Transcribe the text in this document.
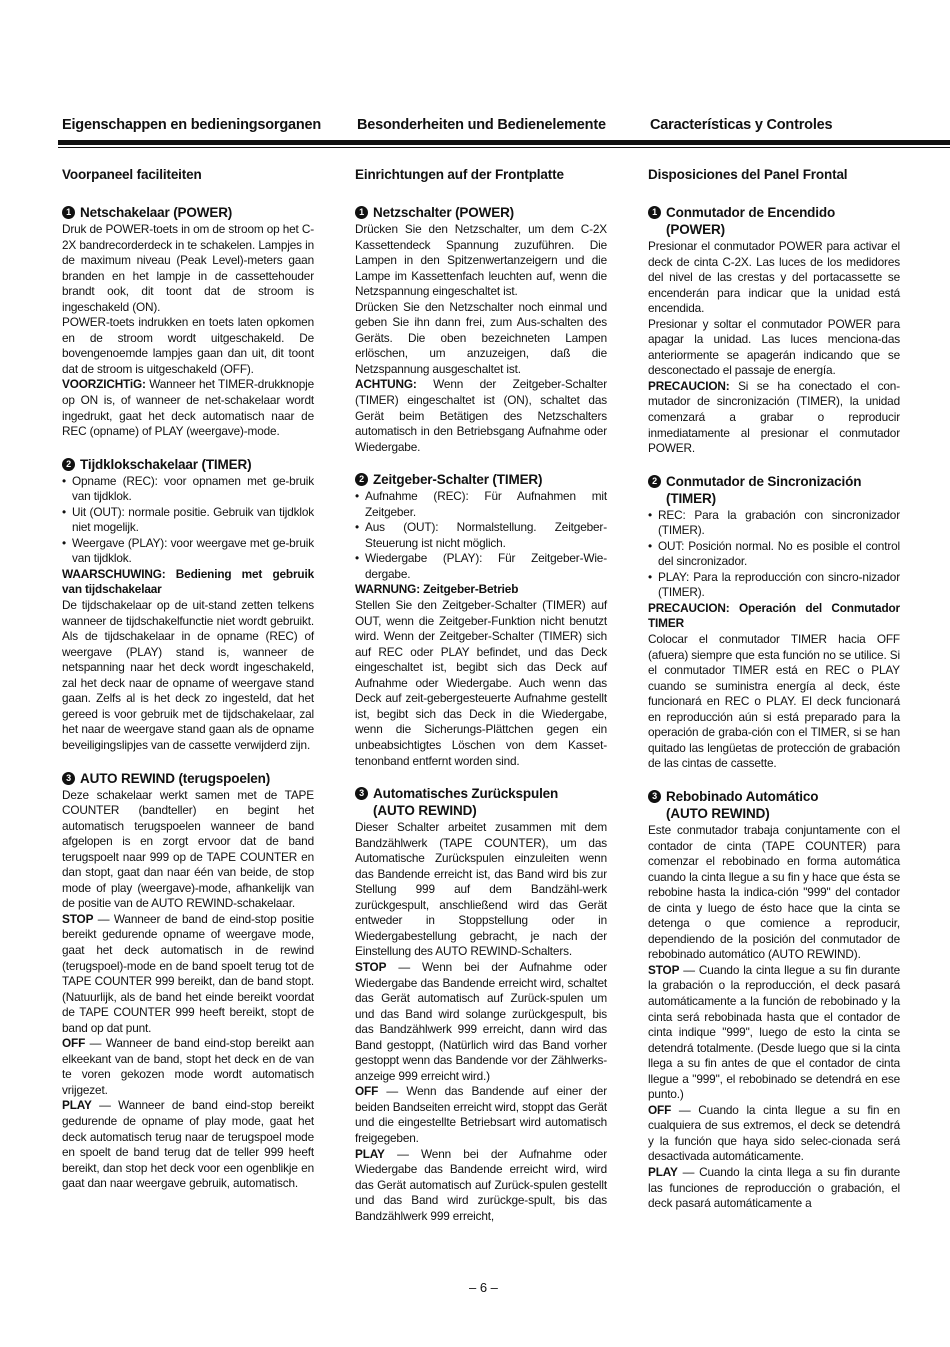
Eigenschappen en bedieningsorganen Besonderheiten und Bedienelemente	Características y Controles
Voorpaneel faciliteiten
1 Netschakelaar (POWER)

Druk de POWER-toets in om de stroom op het C-2X bandrecorderdeck in te schakelen. Lampjes in de maximum niveau (Peak Level)-meters gaan branden en het lampje in de cassettehouder brandt ook, dit toont dat de stroom is ingeschakeld (ON).

POWER-toets indrukken en toets laten opkomen en de stroom wordt uitgeschakeld. De bovengenoemde lampjes gaan dan uit, dit toont dat de stroom is uitgeschakeld (OFF).

VOORZICHTiG: Wanneer het TIMER-drukknopje op ON is, of wanneer de net-schakelaar wordt ingedrukt, gaat het deck automatisch naar de REC (opname) of PLAY (weergave)-mode.

2 Tijdklokschakelaar (TIMER)
• Opname (REC): voor opnamen met ge-bruik van tijdklok.

• Uit (OUT): normale positie. Gebruik van tijdklok niet mogelijk.

• Weergave (PLAY): voor weergave met ge-bruik van tijdklok.

WAARSCHUWING: Bediening met gebruik van tijdschakelaar

De tijdschakelaar op de uit-stand zetten telkens wanneer de tijdschakelfunctie niet wordt gebruikt. Als de tijdschakelaar in de opname (REC) of weergave (PLAY) stand is, wanneer de netspanning naar het deck wordt ingeschakeld, zal het deck naar de opname of weergave stand gaan. Zelfs al is het deck zo ingesteld, dat het gereed is voor gebruik met de tijdschakelaar, zal het naar de weergave stand gaan als de opname beveiligingslipjes van de cassette verwijderd zijn.

3 AUTO REWIND (terugspoelen)

Deze schakelaar werkt samen met de TAPE COUNTER (bandteller) en begint het automatisch terugspoelen wanneer de band afgelopen is en zorgt ervoor dat de band terugspoelt naar 999 op de TAPE COUNTER en dan stopt, gaat dan naar één van beide, de stop mode of play (weergave)-mode, afhankelijk van de positie van de AUTO REWIND-schakelaar.

STOP — Wanneer de band de eind-stop positie bereikt gedurende opname of weergave mode, gaat het deck automatisch in de rewind (terugspoel)-mode en de band spoelt terug tot de TAPE COUNTER 999 bereikt, dan de band stopt. (Natuurlijk, als de band het einde bereikt voordat de TAPE COUNTER 999 heeft bereikt, stopt de band op dat punt.

OFF — Wanneer de band eind-stop bereikt aan elkeekant van de band, stopt het deck en de van te voren gekozen mode wordt automatisch vrijgezet.

PLAY — Wanneer de band eind-stop bereikt gedurende de opname of play mode, gaat het deck automatisch terug naar de terugspoel mode en spoelt de band terug dat de teller 999 heeft bereikt, dan stop het deck voor een ogenblikje en gaat dan naar weergave gebruik, automatisch.

Einrichtungen auf der Frontplatte
1 Netzschalter (POWER)

Drücken Sie den Netzschalter, um dem C-2X Kassettendeck Spannung zuzuführen. Die Lampen in den Spitzenwertanzeigern und die Lampe im Kassettenfach leuchten auf, wenn die Netzspannung eingeschaltet ist.

Drücken Sie den Netzschalter noch einmal und geben Sie ihn dann frei, zum Aus-schalten des Geräts. Die oben bezeichneten Lampen erlöschen, um anzuzeigen, daß die Netzspannung ausgeschaltet ist.

ACHTUNG: Wenn der Zeitgeber-Schalter (TIMER) eingeschaltet ist (ON), schaltet das Gerät beim Betätigen des Netzschalters automatisch in den Betriebsgang Aufnahme oder Wiedergabe.

2 Zeitgeber-Schalter (TIMER)
• Aufnahme (REC): Für Aufnahmen mit Zeitgeber.

• Aus (OUT): Normalstellung. Zeitgeber-Steuerung ist nicht möglich.

• Wiedergabe (PLAY): Für Zeitgeber-Wie-dergabe.

WARNUNG: Zeitgeber-Betrieb

Stellen Sie den Zeitgeber-Schalter (TIMER) auf OUT, wenn die Zeitgeber-Funktion nicht benutzt wird. Wenn der Zeitgeber-Schalter (TIMER) sich auf REC oder PLAY befindet, und das Deck eingeschaltet ist, begibt sich das Deck auf Aufnahme oder Wiedergabe. Auch wenn das Deck auf zeit-gebergesteuerte Aufnahme gestellt ist, begibt sich das Deck in die Wiedergabe, wenn die Sicherungs-Plättchen gegen ein unbeabsichtigtes Löschen von dem Kasset-tenonband entfernt worden sind.

3 Automatisches Zurückspulen
(AUTO REWIND)

Dieser Schalter arbeitet zusammen mit dem Bandzählwerk (TAPE COUNTER), um das Automatische Zurückspulen einzuleiten wenn das Bandende erreicht ist, das Band wird bis zur Stellung 999 auf dem Bandzähl-werk zurückgespult, anschließend wird das Gerät entweder in Stoppstellung oder in Wiedergabestellung gebracht, je nach der Einstellung des AUTO REWIND-Schalters.

STOP — Wenn bei der Aufnahme oder Wiedergabe das Bandende erreicht wird, schaltet das Gerät automatisch auf Zurück-spulen um und das Band wird solange zurückgespult, bis das Bandzählwerk 999 erreicht, dann wird das Band gestoppt, (Natürlich wird das Band vorher gestoppt wenn das Bandende vor der Zählwerks-anzeige 999 erreicht wird.)

OFF — Wenn das Bandende auf einer der beiden Bandseiten erreicht wird, stoppt das Gerät und die eingestellte Betriebsart wird automatisch freigegeben.

PLAY — Wenn bei der Aufnahme oder Wiedergabe das Bandende erreicht wird, wird das Gerät automatisch auf Zurück-spulen gestellt und das Band wird zurückge-spult, bis das Bandzählwerk 999 erreicht,

Disposiciones del Panel Frontal
1 Conmutador de Encendido
(POWER)

Presionar el conmutador POWER para activar el deck de cinta C-2X. Las luces de los medidores del nivel de las crestas y del portacassette se encenderán para indicar que la unidad está encendida.

Presionar y soltar el conmutador POWER para apagar la unidad. Las luces menciona-das anteriormente se apagerán indicando que se desconectado el passaje de energía.

PRECAUCION: Si se ha conectado el con-mutador de sincronización (TIMER), la unidad comenzará a grabar o reproducir inmediatamente al presionar el conmutador POWER.

2 Conmutador de Sincronización
(TIMER)
• REC: Para la grabación con sincronizador (TIMER).

• OUT: Posición normal. No es posible el control del sincronizador.

• PLAY: Para la reproducción con sincro-nizador (TIMER).

PRECAUCION: Operación del Conmutador TIMER

Colocar el conmutador TIMER hacia OFF (afuera) siempre que esta función no se utilice. Si el conmutador TIMER está en REC o PLAY cuando se suministra energía al deck, éste funcionará en REC o PLAY. El deck funcionará en reproducción aún si está preparado para la operación de graba-ción con el TIMER, si se han quitado las lengüetas de protección de grabación de las cintas de cassette.

3 Rebobinado Automático
(AUTO REWIND)

Este conmutador trabaja conjuntamente con el contador de cinta (TAPE COUNTER) para comenzar el rebobinado en forma automática cuando la cinta llegue a su fin y hace que ésta se rebobine hasta la indica-ción "999" del contador de cinta y luego de ésto hace que la cinta se detenga o que comience a reproducir, dependiendo de la posición del conmutador de rebobinado automático (AUTO REWIND).

STOP — Cuando la cinta llegue a su fin durante la grabación o la reproducción, el deck pasará automáticamente a la función de rebobinado y la cinta será rebobinada hasta que el contador de cinta indique "999", luego de esto la cinta se detendrá totalmente. (Desde luego que si la cinta llega a su fin antes de que el contador de cinta llegue a "999", el rebobinado se detendrá en ese punto.)

OFF — Cuando la cinta llegue a su fin en cualquiera de sus extremos, el deck se detendrá y la función que haya sido selec-cionada será desactivada automáticamente.

PLAY — Cuando la cinta llega a su fin durante las funciones de reproducción o grabación, el deck pasará automáticamente a

– 6 –
